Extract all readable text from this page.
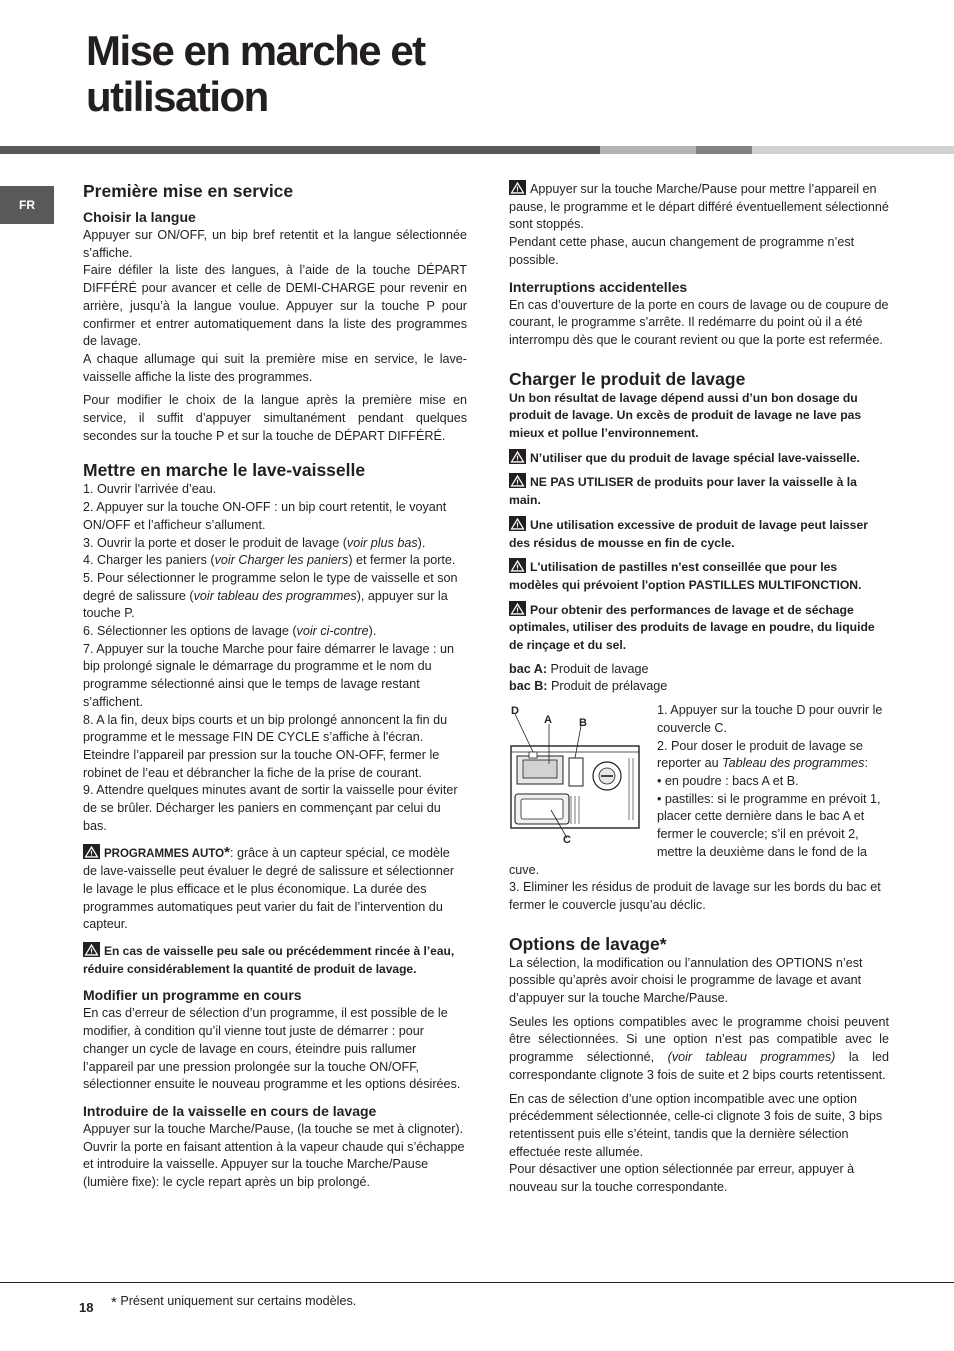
Mise en marche et
utilisation
FR
Première mise en service
Choisir la langue

Appuyer sur ON/OFF, un bip bref retentit et la langue sélectionnée s’affiche.

Faire défiler la liste des langues, à l’aide de la touche DÉPART DIFFÉRÉ pour avancer et celle de DEMI-CHARGE pour revenir en arrière, jusqu’à la langue voulue. Appuyer sur la touche P pour confirmer et entrer automatiquement dans la liste des programmes de lavage.

A chaque allumage qui suit la première mise en service, le lave-vaisselle affiche la liste des programmes.

Pour modifier le choix de la langue après la première mise en service, il suffit d’appuyer simultanément pendant quelques secondes sur la touche P et sur la touche de DÉPART DIFFÉRÉ.

Mettre en marche le lave-vaisselle

1. Ouvrir l'arrivée d’eau.

2. Appuyer sur la touche ON-OFF : un bip court retentit, le voyant ON/OFF et l’afficheur s’allument.

3. Ouvrir la porte et doser le produit de lavage (voir plus bas).

4. Charger les paniers (voir Charger les paniers) et fermer la porte.

5. Pour sélectionner le programme selon le type de vaisselle et son degré de salissure (voir tableau des programmes), appuyer sur la touche P.

6. Sélectionner les options de lavage (voir ci-contre).

7. Appuyer sur la touche Marche pour faire démarrer le lavage : un bip prolongé signale le démarrage du programme et le nom du programme sélectionné ainsi que le temps de lavage restant s’affichent.

8. A la fin, deux bips courts et un bip prolongé annoncent la fin du programme et le message FIN DE CYCLE s’affiche à l'écran. Eteindre l’appareil par pression sur la touche ON-OFF, fermer le robinet de l’eau et débrancher la fiche de la prise de courant.

9. Attendre quelques minutes avant de sortir la vaisselle pour éviter de se brûler. Décharger les paniers en commençant par celui du bas.

PROGRAMMES AUTO*: grâce à un capteur spécial, ce modèle de lave-vaisselle peut évaluer le degré de salissure et sélectionner le lavage le plus efficace et le plus économique. La durée des programmes automatiques peut varier du fait de l’intervention du capteur.

En cas de vaisselle peu sale ou précédemment rincée à l’eau, réduire considérablement la quantité de produit de lavage.

Modifier un programme en cours

En cas d’erreur de sélection d’un programme, il est possible de le modifier, à condition qu’il vienne tout juste de démarrer : pour changer un cycle de lavage en cours, éteindre puis rallumer l’appareil par une pression prolongée sur la touche ON/OFF, sélectionner ensuite le nouveau programme et les options désirées.

Introduire de la vaisselle en cours de lavage

Appuyer sur la touche Marche/Pause, (la touche se met à clignoter). Ouvrir la porte en faisant attention à la vapeur chaude qui s’échappe et introduire la vaisselle. Appuyer sur la touche Marche/Pause (lumière fixe): le cycle repart après un bip prolongé.

Appuyer sur la touche Marche/Pause pour mettre l’appareil en pause, le programme et le départ différé éventuellement sélectionné sont stoppés.

Pendant cette phase, aucun changement de programme n’est possible.

Interruptions accidentelles

En cas d’ouverture de la porte en cours de lavage ou de coupure de courant, le programme s’arrête. Il redémarre du point où il a été interrompu dès que le courant revient ou que la porte est refermée.

Charger le produit de lavage

Un bon résultat de lavage dépend aussi d’un bon dosage du produit de lavage. Un excès de produit de lavage ne lave pas mieux et pollue l’environnement.

N’utiliser que du produit de lavage spécial lave-vaisselle.

NE PAS UTILISER de produits pour laver la vaisselle à la main.

Une utilisation excessive de produit de lavage peut laisser des résidus de mousse en fin de cycle.

L'utilisation de pastilles n'est conseillée que pour les modèles qui prévoient l'option PASTILLES MULTIFONCTION.

Pour obtenir des performances de lavage et de séchage optimales, utiliser des produits de lavage en poudre, du liquide de rinçage et du sel.

bac A: Produit de lavage

bac B: Produit de prélavage

D
A B
C

1. Appuyer sur la touche D pour ouvrir le couvercle C.

2. Pour doser le produit de lavage se reporter au Tableau des programmes:

• en poudre : bacs A et B.

• pastilles: si le programme en prévoit 1, placer cette dernière dans le bac A et fermer le couvercle; s’il en prévoit 2, mettre la deuxième dans le fond de la cuve.

3. Eliminer les résidus de produit de lavage sur les bords du bac et fermer le couvercle jusqu’au déclic.

Options de lavage*

La sélection, la modification ou l’annulation des OPTIONS n’est possible qu’après avoir choisi le programme de lavage et avant d’appuyer sur la touche Marche/Pause.

Seules les options compatibles avec le programme choisi peuvent être sélectionnées. Si une option n’est pas compatible avec le programme sélectionné, (voir tableau programmes) la led correspondante clignote 3 fois de suite et 2 bips courts retentissent.

En cas de sélection d’une option incompatible avec une option précédemment sélectionnée, celle-ci clignote 3 fois de suite, 3 bips retentissent puis elle s’éteint, tandis que la dernière sélection effectuée reste allumée.

Pour désactiver une option sélectionnée par erreur, appuyer à nouveau sur la touche correspondante.

18 * Présent uniquement sur certains modèles.
